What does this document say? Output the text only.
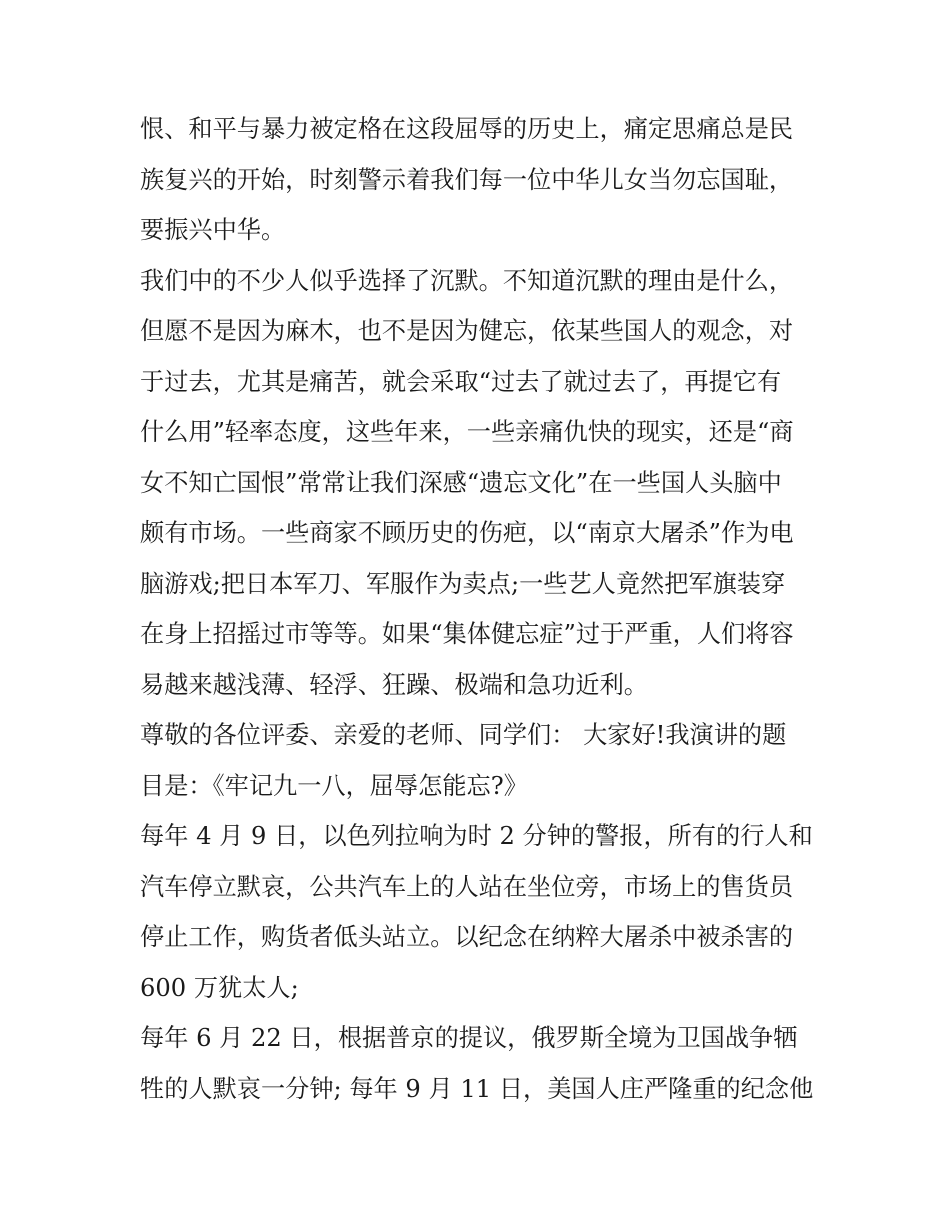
恨、和平与暴力被定格在这段屈辱的历史上，痛定思痛总是民
族复兴的开始，时刻警示着我们每一位中华儿女当勿忘国耻，
要振兴中华。
我们中的不少人似乎选择了沉默。不知道沉默的理由是什么，
但愿不是因为麻木，也不是因为健忘，依某些国人的观念，对
于过去，尤其是痛苦，就会采取“过去了就过去了，再提它有
什么用”轻率态度，这些年来，一些亲痛仇快的现实，还是“商
女不知亡国恨”常常让我们深感“遗忘文化”在一些国人头脑中
颇有市场。一些商家不顾历史的伤疤，以“南京大屠杀”作为电
脑游戏;把日本军刀、军服作为卖点;一些艺人竟然把军旗装穿
在身上招摇过市等等。如果“集体健忘症”过于严重，人们将容
易越来越浅薄、轻浮、狂躁、极端和急功近利。
尊敬的各位评委、亲爱的老师、同学们： 大家好!我演讲的题
目是：《牢记九一八，屈辱怎能忘?》
每年 4 月 9 日，以色列拉响为时 2 分钟的警报，所有的行人和
汽车停立默哀，公共汽车上的人站在坐位旁，市场上的售货员
停止工作，购货者低头站立。以纪念在纳粹大屠杀中被杀害的
600 万犹太人;
每年 6 月 22 日，根据普京的提议，俄罗斯全境为卫国战争牺
牲的人默哀一分钟; 每年 9 月 11 日，美国人庄严隆重的纪念他
